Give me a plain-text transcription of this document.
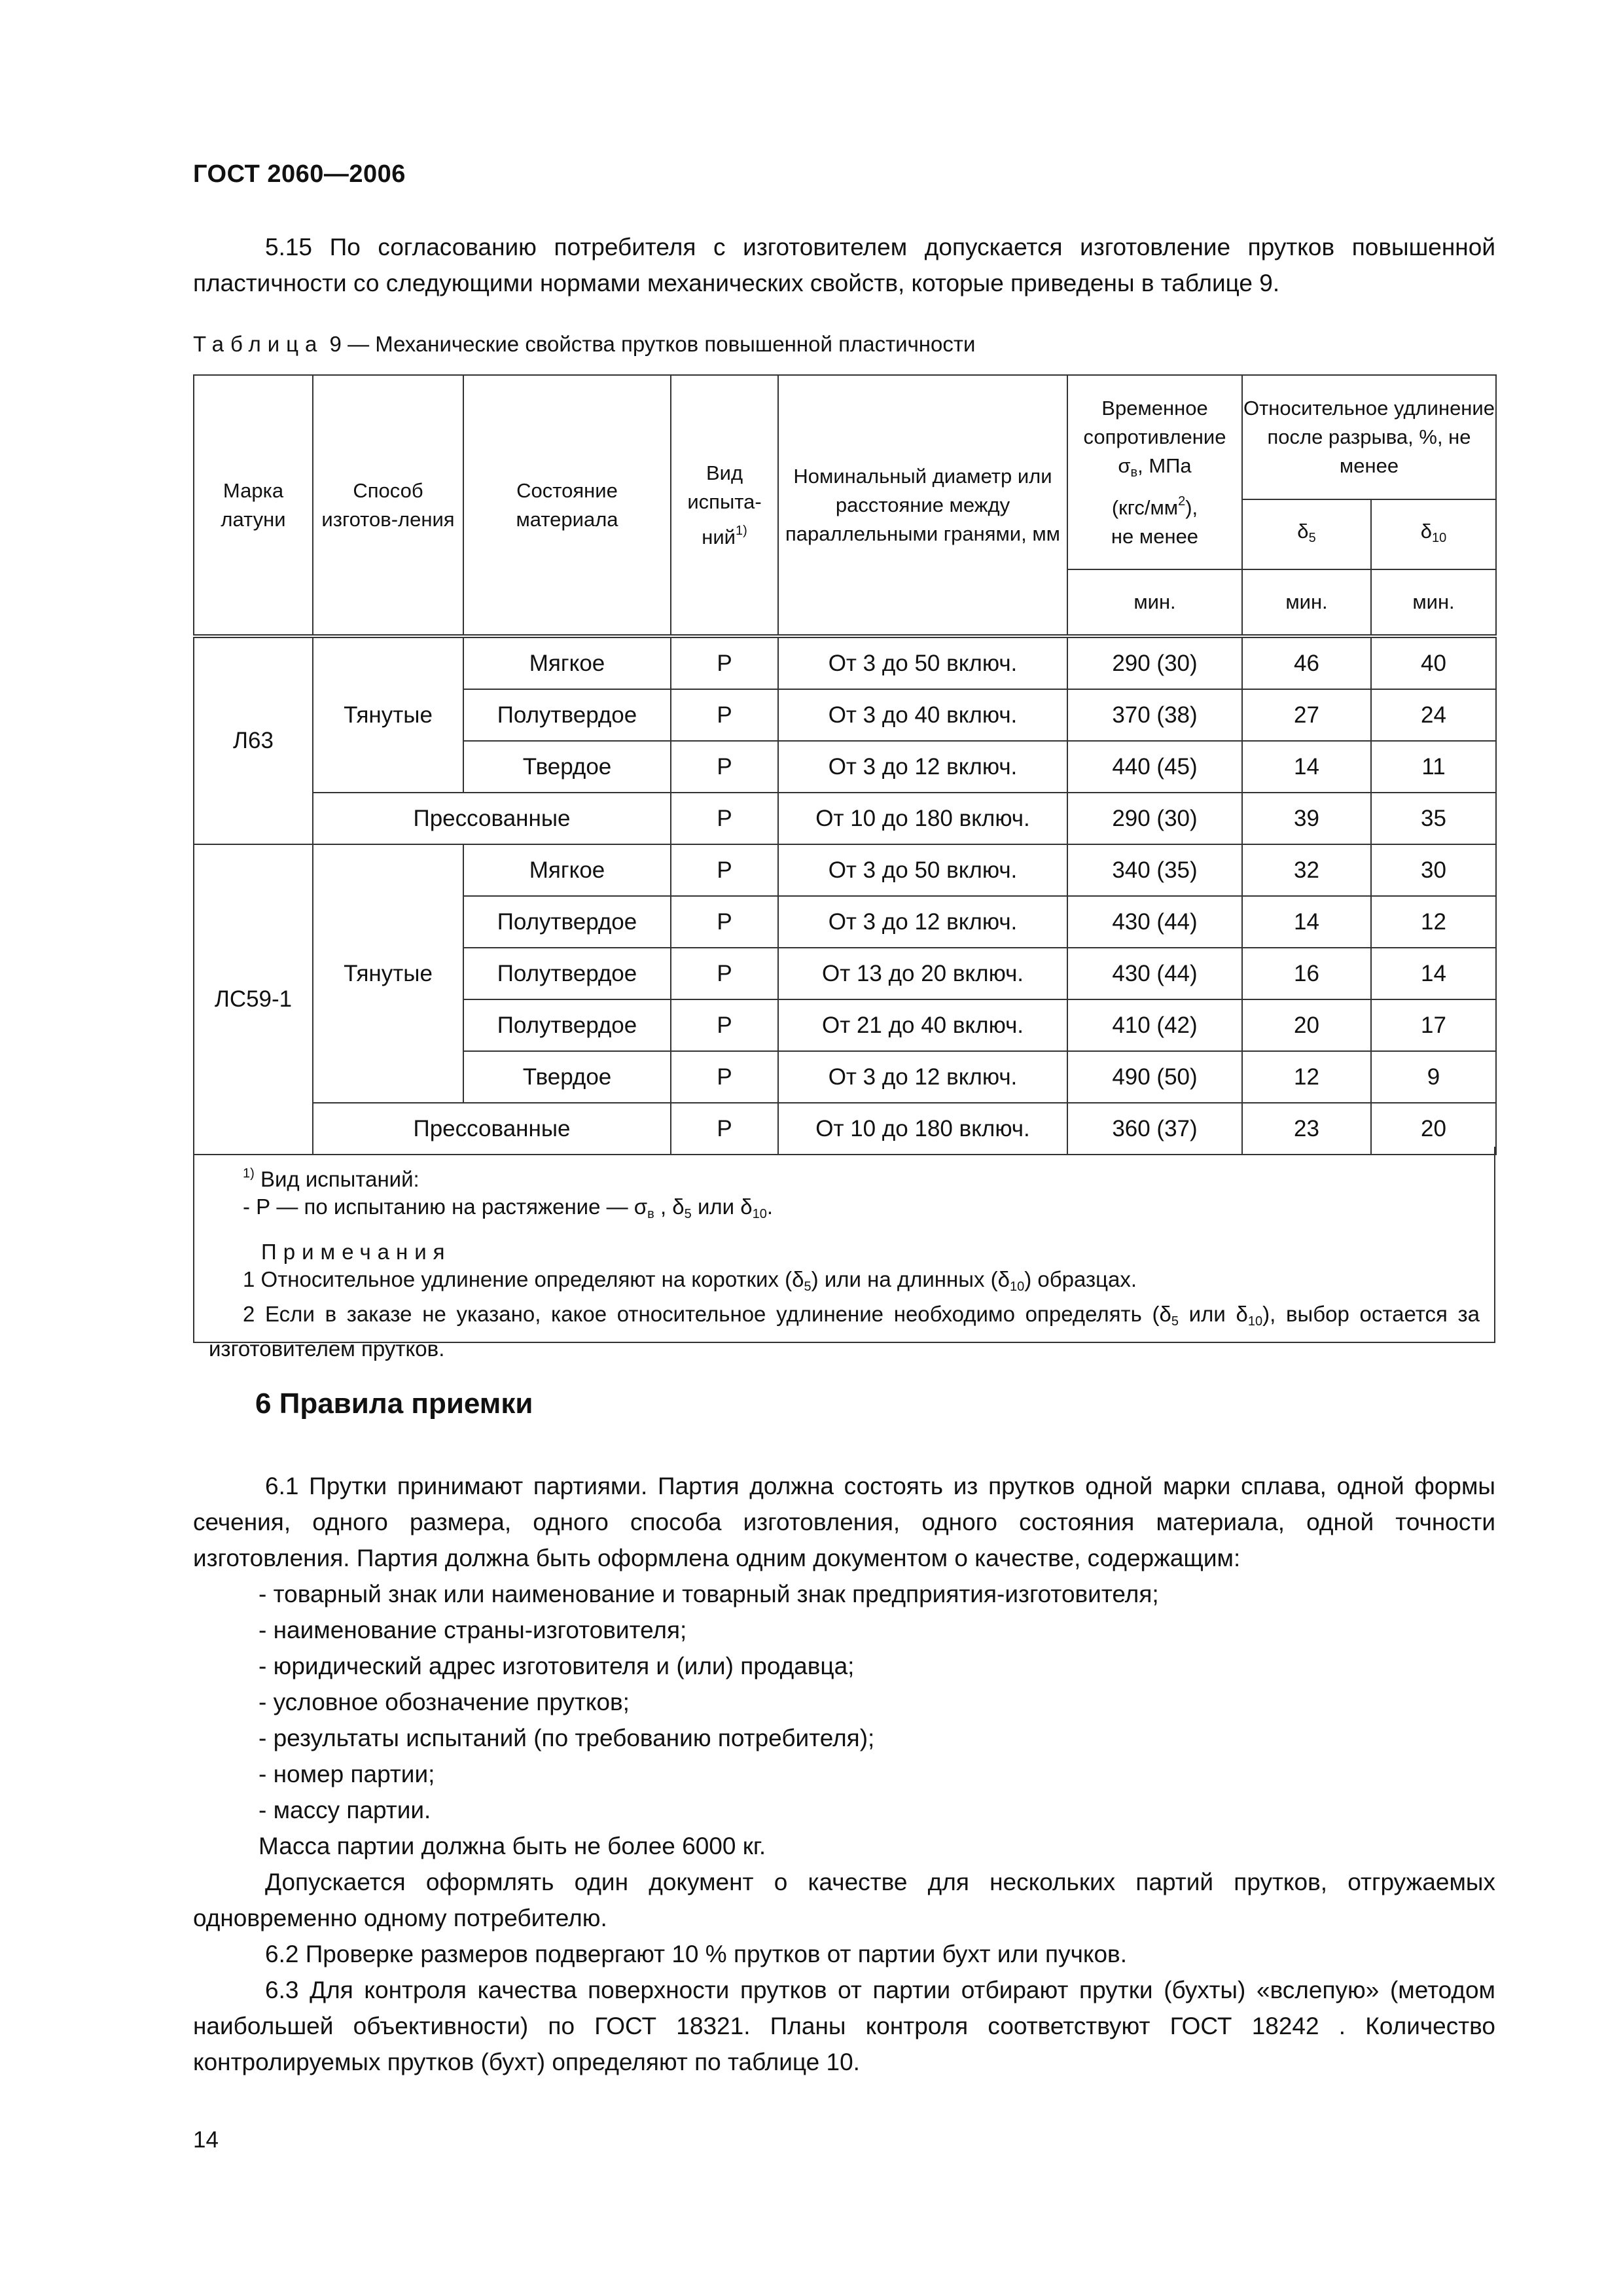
ГОСТ 2060—2006
5.15 По согласованию потребителя с изготовителем допускается изготовление прутков повышенной пластичности со следующими нормами механических свойств, которые приведены в таблице 9.
Таблица 9 — Механические свойства прутков повышенной пластичности
Марка латуни	Способ изготов-ления	Состояние материала	Вид испыта-ний$^{1)}$	Номинальный диаметр или расстояние между параллельными гранями, мм	Временное сопротивление
$\sigma_в$, МПа
$(кгс/мм^2)$,
не менее	Относительное удлинение после разрыва, %, не менее	
						$\delta_5$	$\delta_{10}$
					мин.	мин.	мин.
Л63	Тянутые	Мягкое	Р	От 3 до 50 включ.	290 (30)	46	40
		Полутвердое	Р	От 3 до 40 включ.	370 (38)	27	24
		Твердое	Р	От 3 до 12 включ.	440 (45)	14	11
	Прессованные		Р	От 10 до 180 включ.	290 (30)	39	35
ЛС59-1	Тянутые	Мягкое	Р	От 3 до 50 включ.	340 (35)	32	30
		Полутвердое	Р	От 3 до 12 включ.	430 (44)	14	12
		Полутвердое	Р	От 13 до 20 включ.	430 (44)	16	14
		Полутвердое	Р	От 21 до 40 включ.	410 (42)	20	17
		Твердое	Р	От 3 до 12 включ.	490 (50)	12	9
	Прессованные		Р	От 10 до 180 включ.	360 (37)	23	20
$^{1)}$ Вид испытаний:
- Р — по испытанию на растяжение — $\sigma_в$ , $\delta_5$ или $\delta_{10}$.
Примечания
1 Относительное удлинение определяют на коротких $(\delta_5)$ или на длинных $(\delta_{10})$ образцах.
2 Если в заказе не указано, какое относительное удлинение необходимо определять ($\delta_5$ или $\delta_{10}$), выбор остается за изготовителем прутков.
6 Правила приемки
6.1 Прутки принимают партиями. Партия должна состоять из прутков одной марки сплава, одной формы сечения, одного размера, одного способа изготовления, одного состояния материала, одной точности изготовления. Партия должна быть оформлена одним документом о качестве, содержащим:
- товарный знак или наименование и товарный знак предприятия-изготовителя;
- наименование страны-изготовителя;
- юридический адрес изготовителя и (или) продавца;
- условное обозначение прутков;
- результаты испытаний (по требованию потребителя);
- номер партии;
- массу партии.
Масса партии должна быть не более 6000 кг.
Допускается оформлять один документ о качестве для нескольких партий прутков, отгружаемых одновременно одному потребителю.
6.2 Проверке размеров подвергают 10 % прутков от партии бухт или пучков.
6.3 Для контроля качества поверхности прутков от партии отбирают прутки (бухты) «вслепую» (методом наибольшей объективности) по ГОСТ 18321. Планы контроля соответствуют ГОСТ 18242 . Количество контролируемых прутков (бухт) определяют по таблице 10.
14
